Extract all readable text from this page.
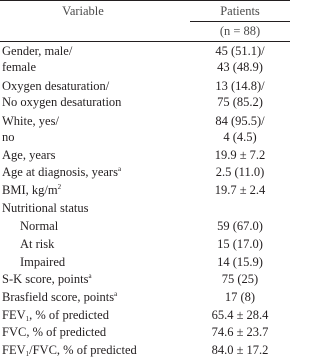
Variable	Patients
(n = 88)
Gender, male/	45 (51.1)/
female	43 (48.9)
Oxygen desaturation/	13 (14.8)/
No oxygen desaturation	75 (85.2)
White, yes/	84 (95.5)/
no	4 (4.5)
Age, years	19.9 ± 7.2
Age at diagnosis, years$^a$	2.5 (11.0)
BMI, $kg/m^2$	19.7 ± 2.4
Nutritional status
Normal	59 (67.0)
At risk	15 (17.0)
Impaired	14 (15.9)
S-K score, points$^a$	75 (25)
Brasfield score, points$^a$	17 (8)
$FEV_1$, % of predicted	65.4 ± 28.4
FVC, % of predicted	74.6 ± 23.7
$FEV_1$/FVC, % of predicted	84.0 ± 17.2
